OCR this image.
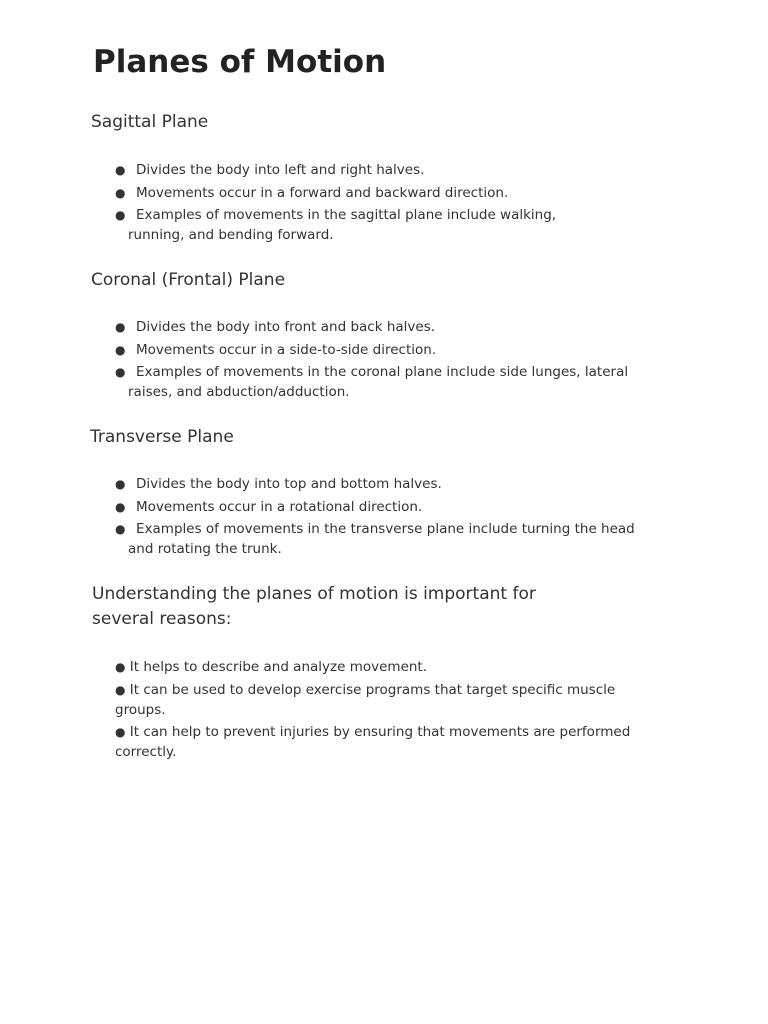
Planes of Motion
Sagittal Plane
● Divides the body into left and right halves.
● Movements occur in a forward and backward direction.
● Examples of movements in the sagittal plane include walking, running, and bending forward.
Coronal (Frontal) Plane
● Divides the body into front and back halves.
● Movements occur in a side-to-side direction.
● Examples of movements in the coronal plane include side lunges, lateral raises, and abduction/adduction.
Transverse Plane
● Divides the body into top and bottom halves.
● Movements occur in a rotational direction.
● Examples of movements in the transverse plane include turning the head and rotating the trunk.
Understanding the planes of motion is important for several reasons:
● It helps to describe and analyze movement.
● It can be used to develop exercise programs that target specific muscle groups.
● It can help to prevent injuries by ensuring that movements are performed correctly.
